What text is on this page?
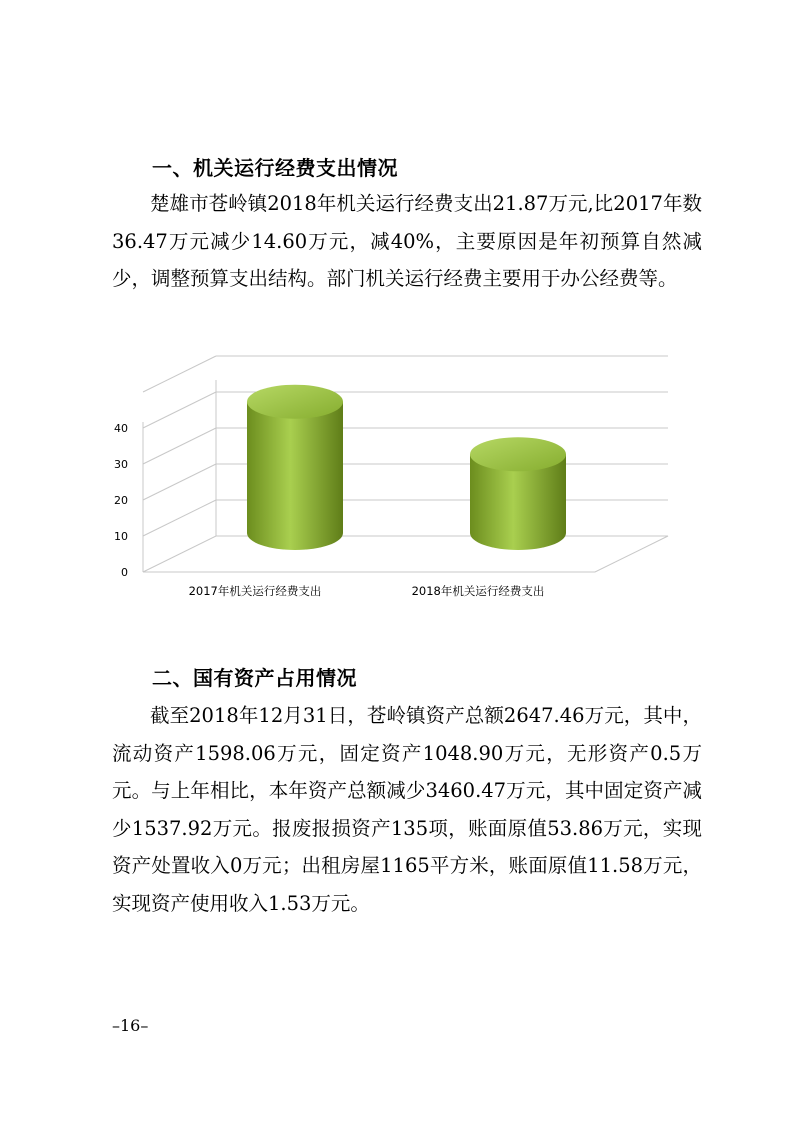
一、机关运行经费支出情况

楚雄市苍岭镇2018年机关运行经费支出21.87万元,比2017年数36.47万元减少14.60万元，减40%，主要原因是年初预算自然减少，调整预算支出结构。部门机关运行经费主要用于办公经费等。

0
10
20
30
40
2017年机关运行经费支出	2018年机关运行经费支出
二、国有资产占用情况

截至2018年12月31日，苍岭镇资产总额2647.46万元，其中，流动资产1598.06万元，固定资产1048.90万元，无形资产0.5万元。与上年相比，本年资产总额减少3460.47万元，其中固定资产减少1537.92万元。报废报损资产135项，账面原值53.86万元，实现资产处置收入0万元；出租房屋1165平方米，账面原值11.58万元，实现资产使用收入1.53万元。

–16–
